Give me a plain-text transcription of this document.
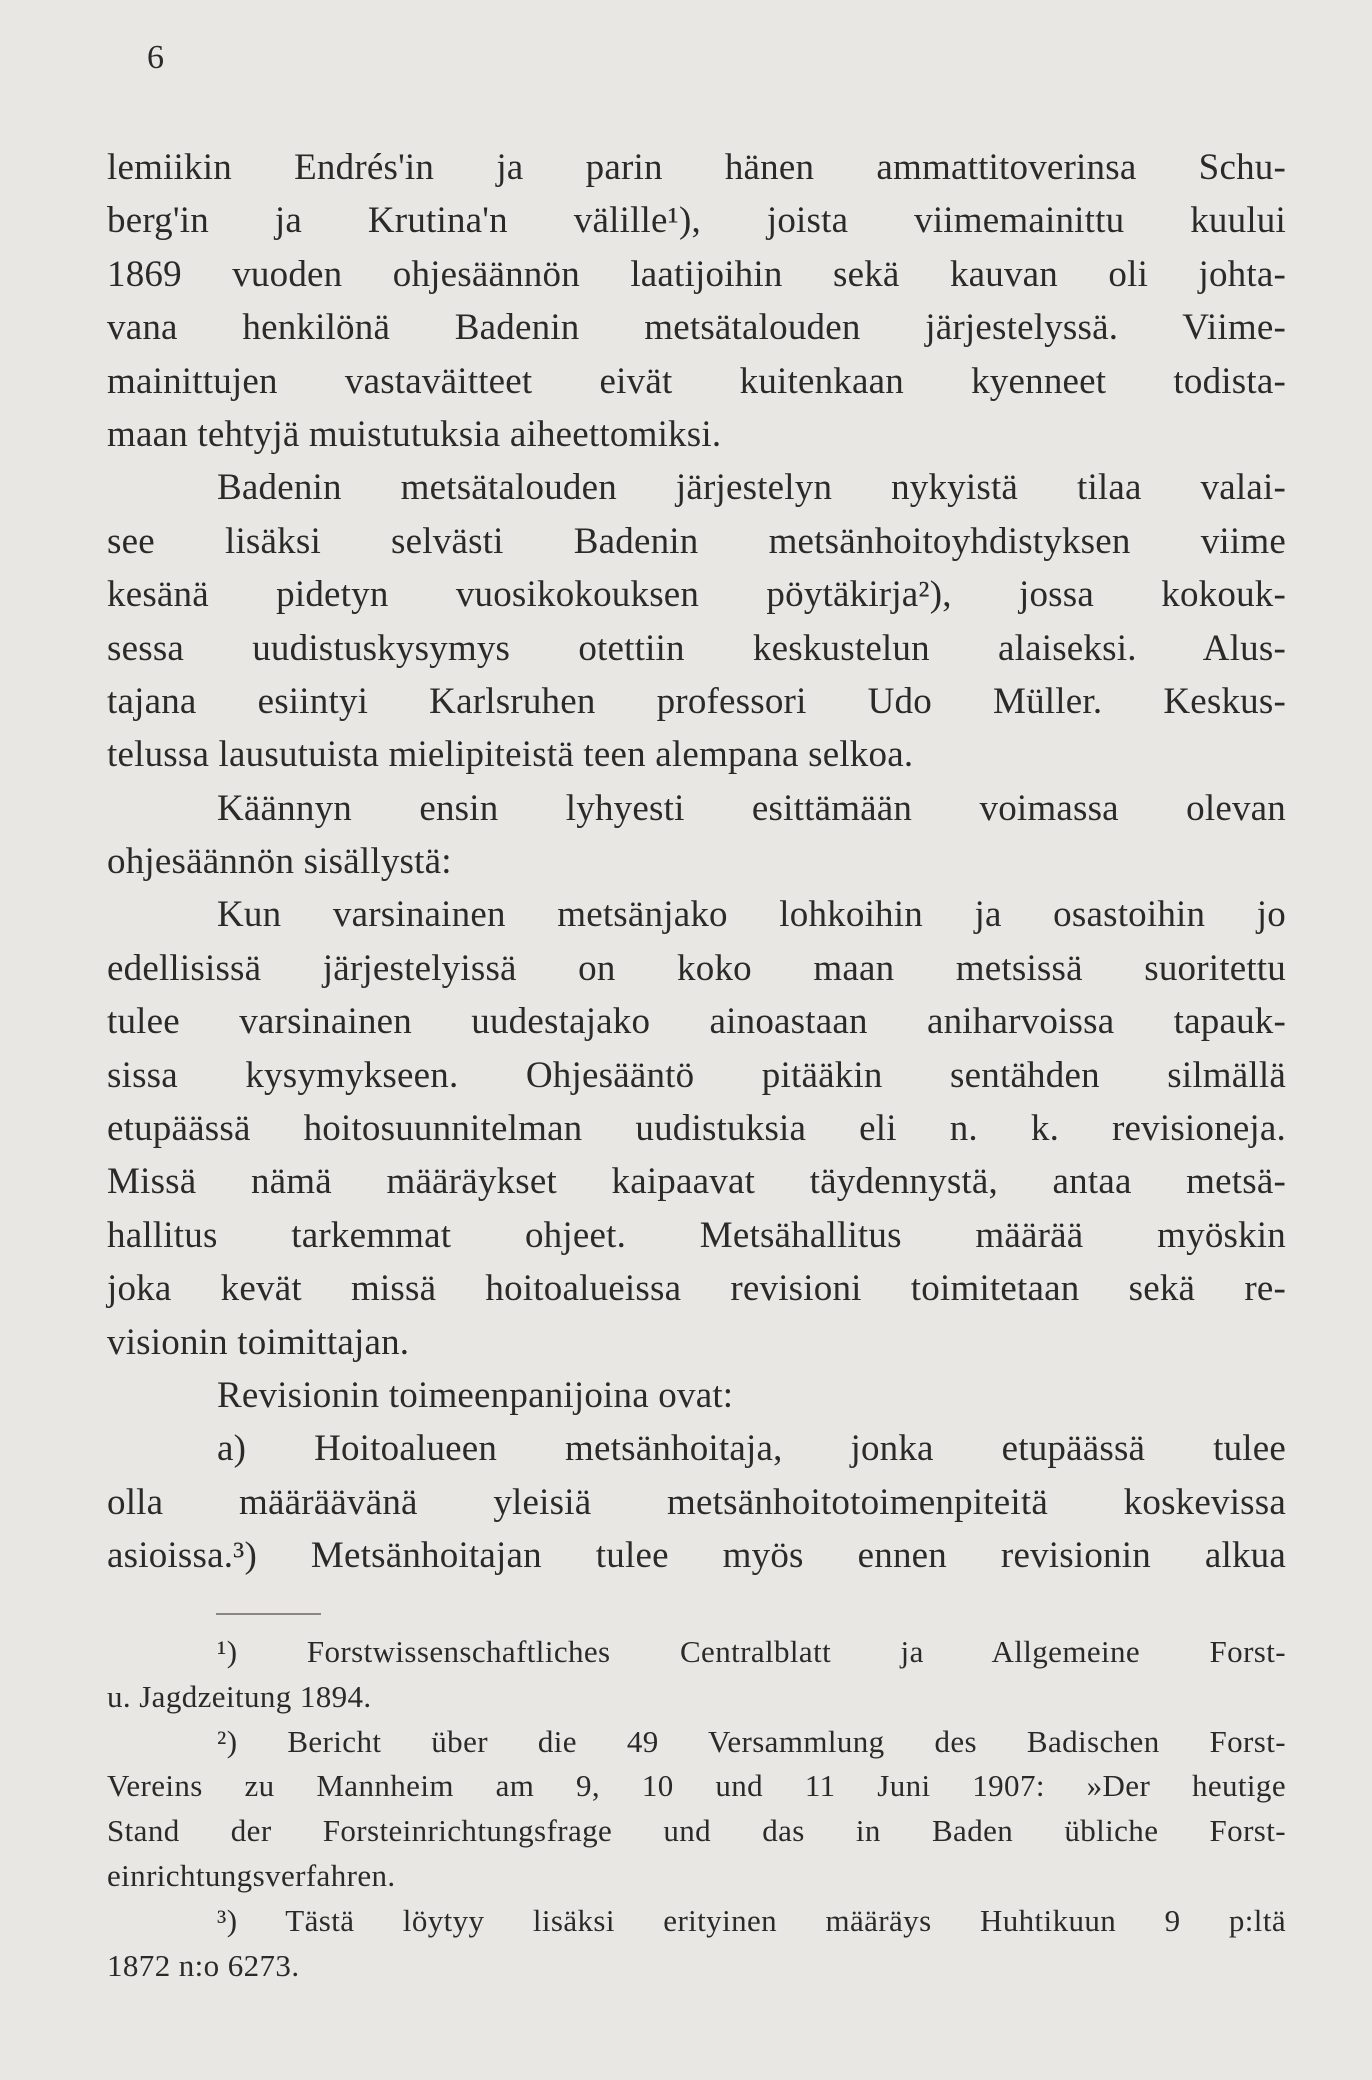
6
lemiikin Endrés'in ja parin hänen ammattitoverinsa Schu-
berg'in ja Krutina'n välille¹), joista viimemainittu kuului
1869 vuoden ohjesäännön laatijoihin sekä kauvan oli johta-
vana henkilönä Badenin metsätalouden järjestelyssä. Viime-
mainittujen vastaväitteet eivät kuitenkaan kyenneet todista-
maan tehtyjä muistutuksia aiheettomiksi.
Badenin metsätalouden järjestelyn nykyistä tilaa valai-
see lisäksi selvästi Badenin metsänhoitoyhdistyksen viime
kesänä pidetyn vuosikokouksen pöytäkirja²), jossa kokouk-
sessa uudistuskysymys otettiin keskustelun alaiseksi. Alus-
tajana esiintyi Karlsruhen professori Udo Müller. Keskus-
telussa lausutuista mielipiteistä teen alempana selkoa.
Käännyn ensin lyhyesti esittämään voimassa olevan
ohjesäännön sisällystä:
Kun varsinainen metsänjako lohkoihin ja osastoihin jo
edellisissä järjestelyissä on koko maan metsissä suoritettu
tulee varsinainen uudestajako ainoastaan aniharvoissa tapauk-
sissa kysymykseen. Ohjesääntö pitääkin sentähden silmällä
etupäässä hoitosuunnitelman uudistuksia eli n. k. revisioneja.
Missä nämä määräykset kaipaavat täydennystä, antaa metsä-
hallitus tarkemmat ohjeet. Metsähallitus määrää myöskin
joka kevät missä hoitoalueissa revisioni toimitetaan sekä re-
visionin toimittajan.
Revisionin toimeenpanijoina ovat:
a) Hoitoalueen metsänhoitaja, jonka etupäässä tulee
olla määräävänä yleisiä metsänhoitotoimenpiteitä koskevissa
asioissa.³) Metsänhoitajan tulee myös ennen revisionin alkua
¹) Forstwissenschaftliches Centralblatt ja Allgemeine Forst-
u. Jagdzeitung 1894.
²) Bericht über die 49 Versammlung des Badischen Forst-
Vereins zu Mannheim am 9, 10 und 11 Juni 1907: »Der heutige
Stand der Forsteinrichtungsfrage und das in Baden übliche Forst-
einrichtungsverfahren.
³) Tästä löytyy lisäksi erityinen määräys Huhtikuun 9 p:ltä
1872 n:o 6273.
